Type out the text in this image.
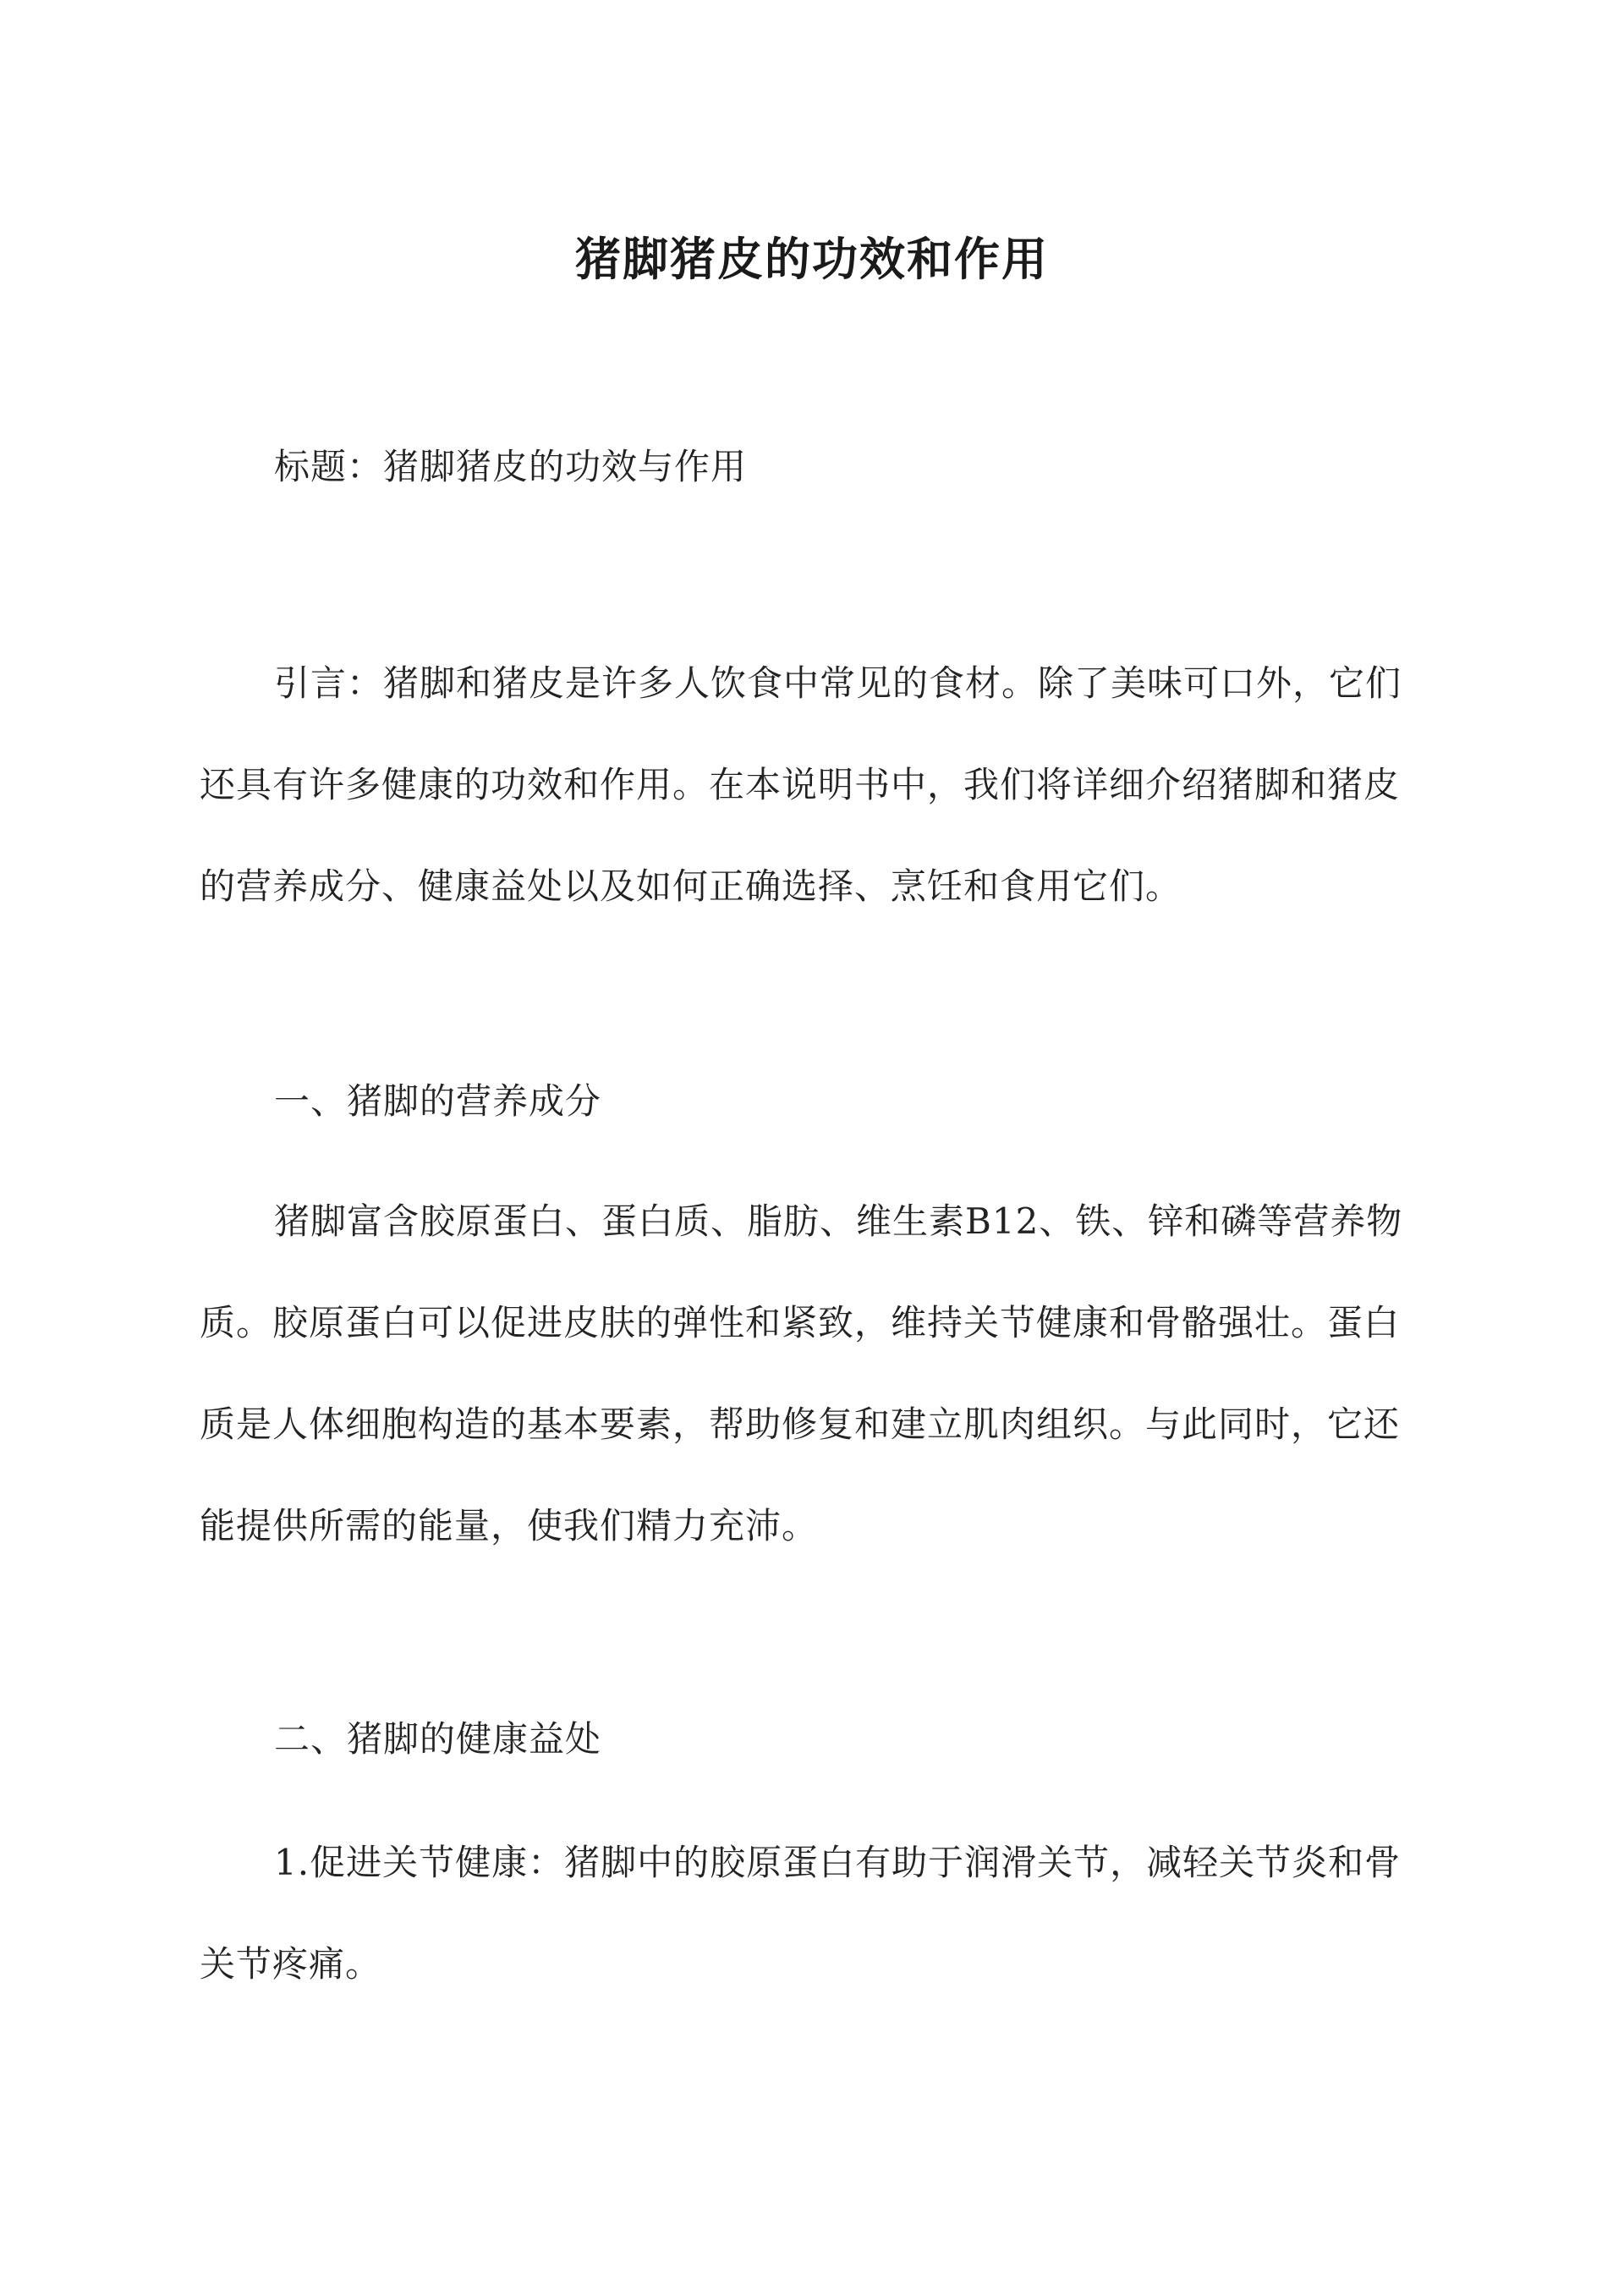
猪脚猪皮的功效和作用

标题：猪脚猪皮的功效与作用

引言：猪脚和猪皮是许多人饮食中常见的食材。除了美味可口外，它们还具有许多健康的功效和作用。在本说明书中，我们将详细介绍猪脚和猪皮的营养成分、健康益处以及如何正确选择、烹饪和食用它们。

一、猪脚的营养成分

猪脚富含胶原蛋白、蛋白质、脂肪、维生素B12、铁、锌和磷等营养物质。胶原蛋白可以促进皮肤的弹性和紧致，维持关节健康和骨骼强壮。蛋白质是人体细胞构造的基本要素，帮助修复和建立肌肉组织。与此同时，它还能提供所需的能量，使我们精力充沛。

二、猪脚的健康益处

1.促进关节健康：猪脚中的胶原蛋白有助于润滑关节，减轻关节炎和骨关节疼痛。
